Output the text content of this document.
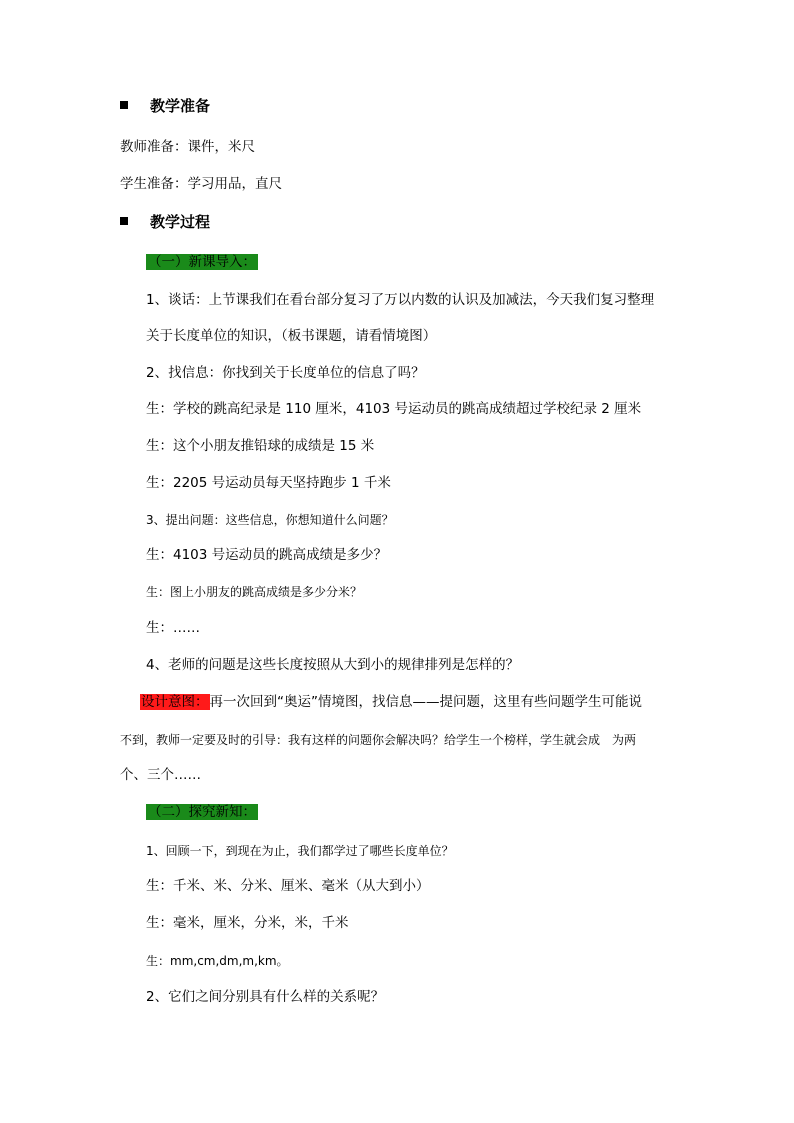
教学准备
教师准备：课件，米尺
学生准备：学习用品，直尺
教学过程
（一）新课导入：
1、谈话：上节课我们在看台部分复习了万以内数的认识及加减法，今天我们复习整理
关于长度单位的知识，（板书课题，请看情境图）
2、找信息：你找到关于长度单位的信息了吗？
生：学校的跳高纪录是 110 厘米，4103 号运动员的跳高成绩超过学校纪录 2 厘米
生：这个小朋友推铅球的成绩是 15 米
生：2205 号运动员每天坚持跑步 1 千米
3、提出问题：这些信息，你想知道什么问题？
生：4103 号运动员的跳高成绩是多少？
生：图上小朋友的跳高成绩是多少分米？
生：……
4、老师的问题是这些长度按照从大到小的规律排列是怎样的？
设计意图：再一次回到“奥运”情境图，找信息——提问题，这里有些问题学生可能说
不到，教师一定要及时的引导：我有这样的问题你会解决吗？给学生一个榜样，学生就会成　为两
个、三个……
（二）探究新知：
1、回顾一下，到现在为止，我们都学过了哪些长度单位？
生：千米、米、分米、厘米、毫米（从大到小）
生：毫米，厘米，分米，米，千米
生：mm,cm,dm,m,km。
2、它们之间分别具有什么样的关系呢？
